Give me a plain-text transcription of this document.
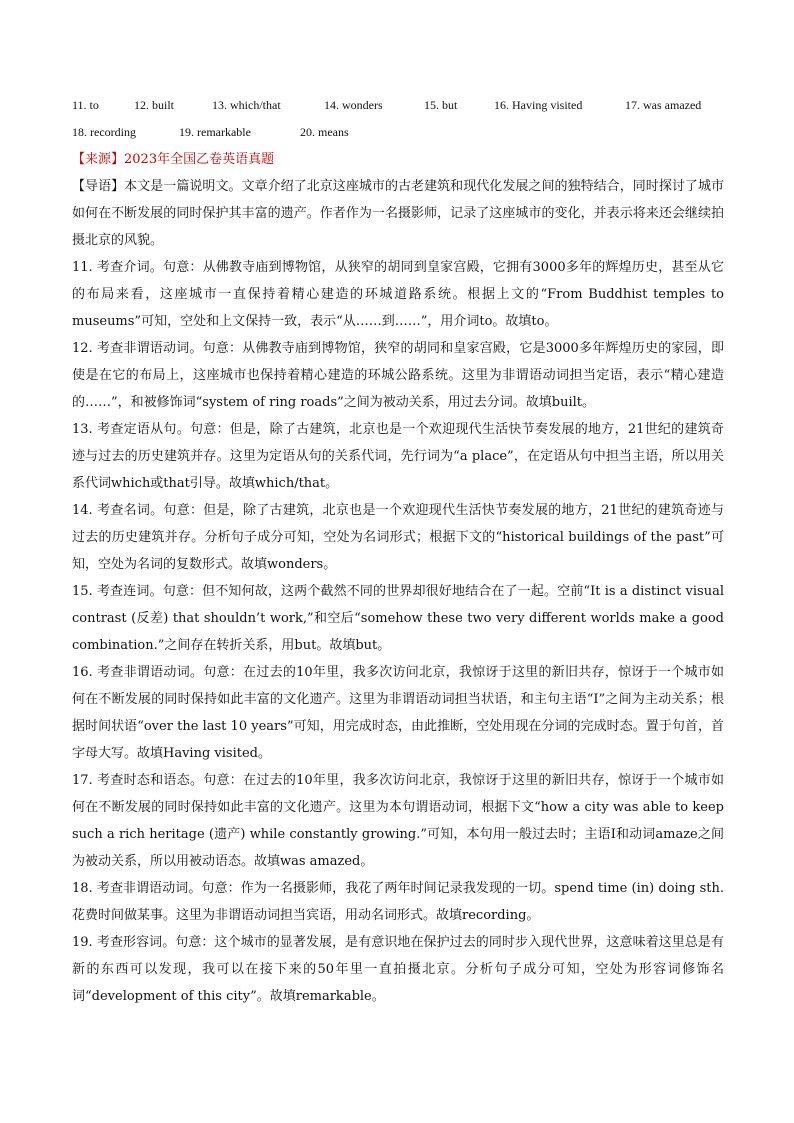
11. to	12. built	13. which/that	14. wonders	15. but	16. Having visited	17. was amazed
18. recording	19. remarkable	20. means
【来源】2023年全国乙卷英语真题

【导语】本文是一篇说明文。文章介绍了北京这座城市的古老建筑和现代化发展之间的独特结合，同时探讨了城市如何在不断发展的同时保护其丰富的遗产。作者作为一名摄影师，记录了这座城市的变化，并表示将来还会继续拍摄北京的风貌。

11. 考查介词。句意：从佛教寺庙到博物馆，从狭窄的胡同到皇家宫殿，它拥有3000多年的辉煌历史，甚至从它的布局来看，这座城市一直保持着精心建造的环城道路系统。根据上文的“From Buddhist temples to museums”可知，空处和上文保持一致，表示“从……到……”，用介词to。故填to。

12. 考查非谓语动词。句意：从佛教寺庙到博物馆，狭窄的胡同和皇家宫殿，它是3000多年辉煌历史的家园，即使是在它的布局上，这座城市也保持着精心建造的环城公路系统。这里为非谓语动词担当定语，表示“精心建造的……”，和被修饰词“system of ring roads”之间为被动关系，用过去分词。故填built。

13. 考查定语从句。句意：但是，除了古建筑，北京也是一个欢迎现代生活快节奏发展的地方，21世纪的建筑奇迹与过去的历史建筑并存。这里为定语从句的关系代词，先行词为“a place”，在定语从句中担当主语，所以用关系代词which或that引导。故填which/that。

14. 考查名词。句意：但是，除了古建筑，北京也是一个欢迎现代生活快节奏发展的地方，21世纪的建筑奇迹与过去的历史建筑并存。分析句子成分可知，空处为名词形式；根据下文的“historical buildings of the past”可知，空处为名词的复数形式。故填wonders。

15. 考查连词。句意：但不知何故，这两个截然不同的世界却很好地结合在了一起。空前“It is a distinct visual contrast (反差) that shouldn’t work,”和空后“somehow these two very different worlds make a good combination.”之间存在转折关系，用but。故填but。

16. 考查非谓语动词。句意：在过去的10年里，我多次访问北京，我惊讶于这里的新旧共存，惊讶于一个城市如何在不断发展的同时保持如此丰富的文化遗产。这里为非谓语动词担当状语，和主句主语“I”之间为主动关系；根据时间状语“over the last 10 years”可知，用完成时态，由此推断，空处用现在分词的完成时态。置于句首，首字母大写。故填Having visited。

17. 考查时态和语态。句意：在过去的10年里，我多次访问北京，我惊讶于这里的新旧共存，惊讶于一个城市如何在不断发展的同时保持如此丰富的文化遗产。这里为本句谓语动词，根据下文“how a city was able to keep such a rich heritage (遗产) while constantly growing.”可知，本句用一般过去时；主语I和动词amaze之间为被动关系，所以用被动语态。故填was amazed。

18. 考查非谓语动词。句意：作为一名摄影师，我花了两年时间记录我发现的一切。spend time (in) doing sth.花费时间做某事。这里为非谓语动词担当宾语，用动名词形式。故填recording。

19. 考查形容词。句意：这个城市的显著发展，是有意识地在保护过去的同时步入现代世界，这意味着这里总是有新的东西可以发现，我可以在接下来的50年里一直拍摄北京。分析句子成分可知，空处为形容词修饰名词“development of this city”。故填remarkable。
